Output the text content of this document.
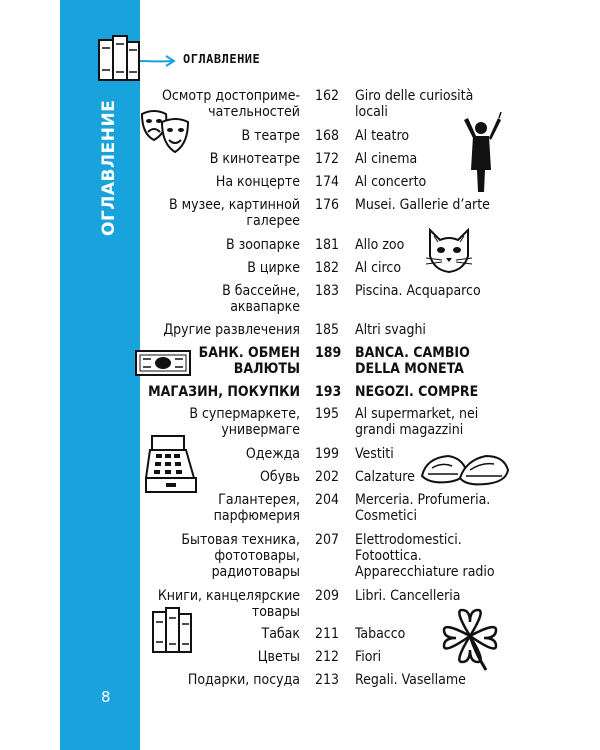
ОГЛАВЛЕНИЕ
8
ОГЛАВЛЕНИЕ
Осмотр достоприме-
чательностей
162	Giro delle curiosità
locali
В театре 168	Al teatro
В кинотеатре 172	Al cinema
На концерте 174	Al concerto
В музее, картинной
галерее
176	Musei. Gallerie d’arte
В зоопарке 181	Allo zoo
В цирке 182	Al circo
В бассейне,
аквапарке
183	Piscina. Acquaparco
Другие развлечения 185	Altri svaghi
БАНК. ОБМЕН
ВАЛЮТЫ
189 BANCA. CAMBIO
DELLA MONETA
МАГАЗИН, ПОКУПКИ 193 NEGOZI. COMPRE
В супермаркете,
универмаге
195	Al supermarket, nei
grandi magazzini
Одежда 199	Vestiti
Обувь 202	Calzature
Галантерея,
парфюмерия
204	Merceria. Profumeria.
Cosmetici
Бытовая техника,
фототовары,
радиотовары
207	Elettrodomestici.
Fotoottica.
Apparecchiature radio
Книги, канцелярские
товары
209	Libri. Cancelleria
Табак 211	Tabacco
Цветы 212	Fiori
Подарки, посуда 213	Regali. Vasellame
